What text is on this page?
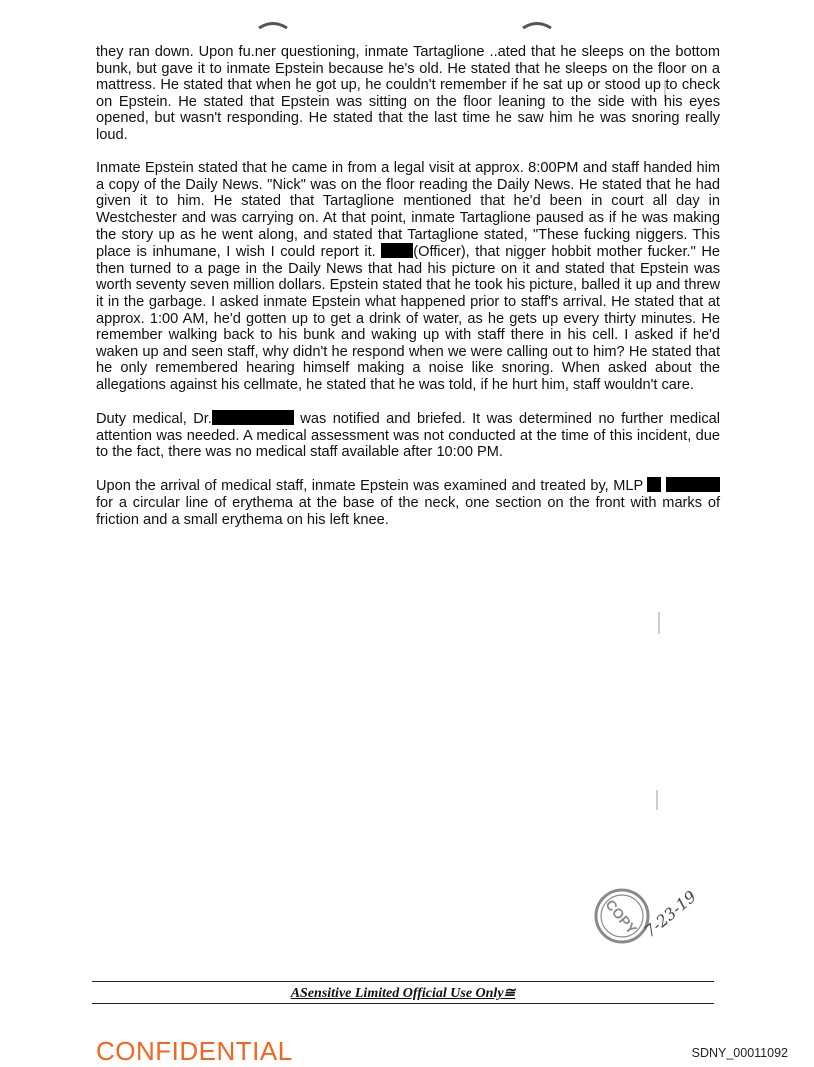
they ran down. Upon fu.ner questioning, inmate Tartaglione ..ated that he sleeps on the bottom bunk, but gave it to inmate Epstein because he's old. He stated that he sleeps on the floor on a mattress. He stated that when he got up, he couldn't remember if he sat up or stood up to check on Epstein. He stated that Epstein was sitting on the floor leaning to the side with his eyes opened, but wasn't responding. He stated that the last time he saw him he was snoring really loud.

Inmate Epstein stated that he came in from a legal visit at approx. 8:00PM and staff handed him a copy of the Daily News. "Nick" was on the floor reading the Daily News. He stated that he had given it to him. He stated that Tartaglione mentioned that he'd been in court all day in Westchester and was carrying on. At that point, inmate Tartaglione paused as if he was making the story up as he went along, and stated that Tartaglione stated, "These fucking niggers. This place is inhumane, I wish I could report it. (Officer), that nigger hobbit mother fucker." He then turned to a page in the Daily News that had his picture on it and stated that Epstein was worth seventy seven million dollars. Epstein stated that he took his picture, balled it up and threw it in the garbage. I asked inmate Epstein what happened prior to staff's arrival. He stated that at approx. 1:00 AM, he'd gotten up to get a drink of water, as he gets up every thirty minutes. He remember walking back to his bunk and waking up with staff there in his cell. I asked if he'd waken up and seen staff, why didn't he respond when we were calling out to him? He stated that he only remembered hearing himself making a noise like snoring. When asked about the allegations against his cellmate, he stated that he was told, if he hurt him, staff wouldn't care.

Duty medical, Dr.	was notified and briefed. It was determined no further medical attention was needed. A medical assessment was not conducted at the time of this incident, due to the fact, there was no medical staff available after 10:00 PM.

Upon the arrival of medical staff, inmate Epstein was examined and treated by, MLP   for a circular line of erythema at the base of the neck, one section on the front with marks of friction and a small erythema on his left knee.

COPY 7-23-19
ASensitive Limited Official Use Only≅
CONFIDENTIAL	SDNY_00011092
